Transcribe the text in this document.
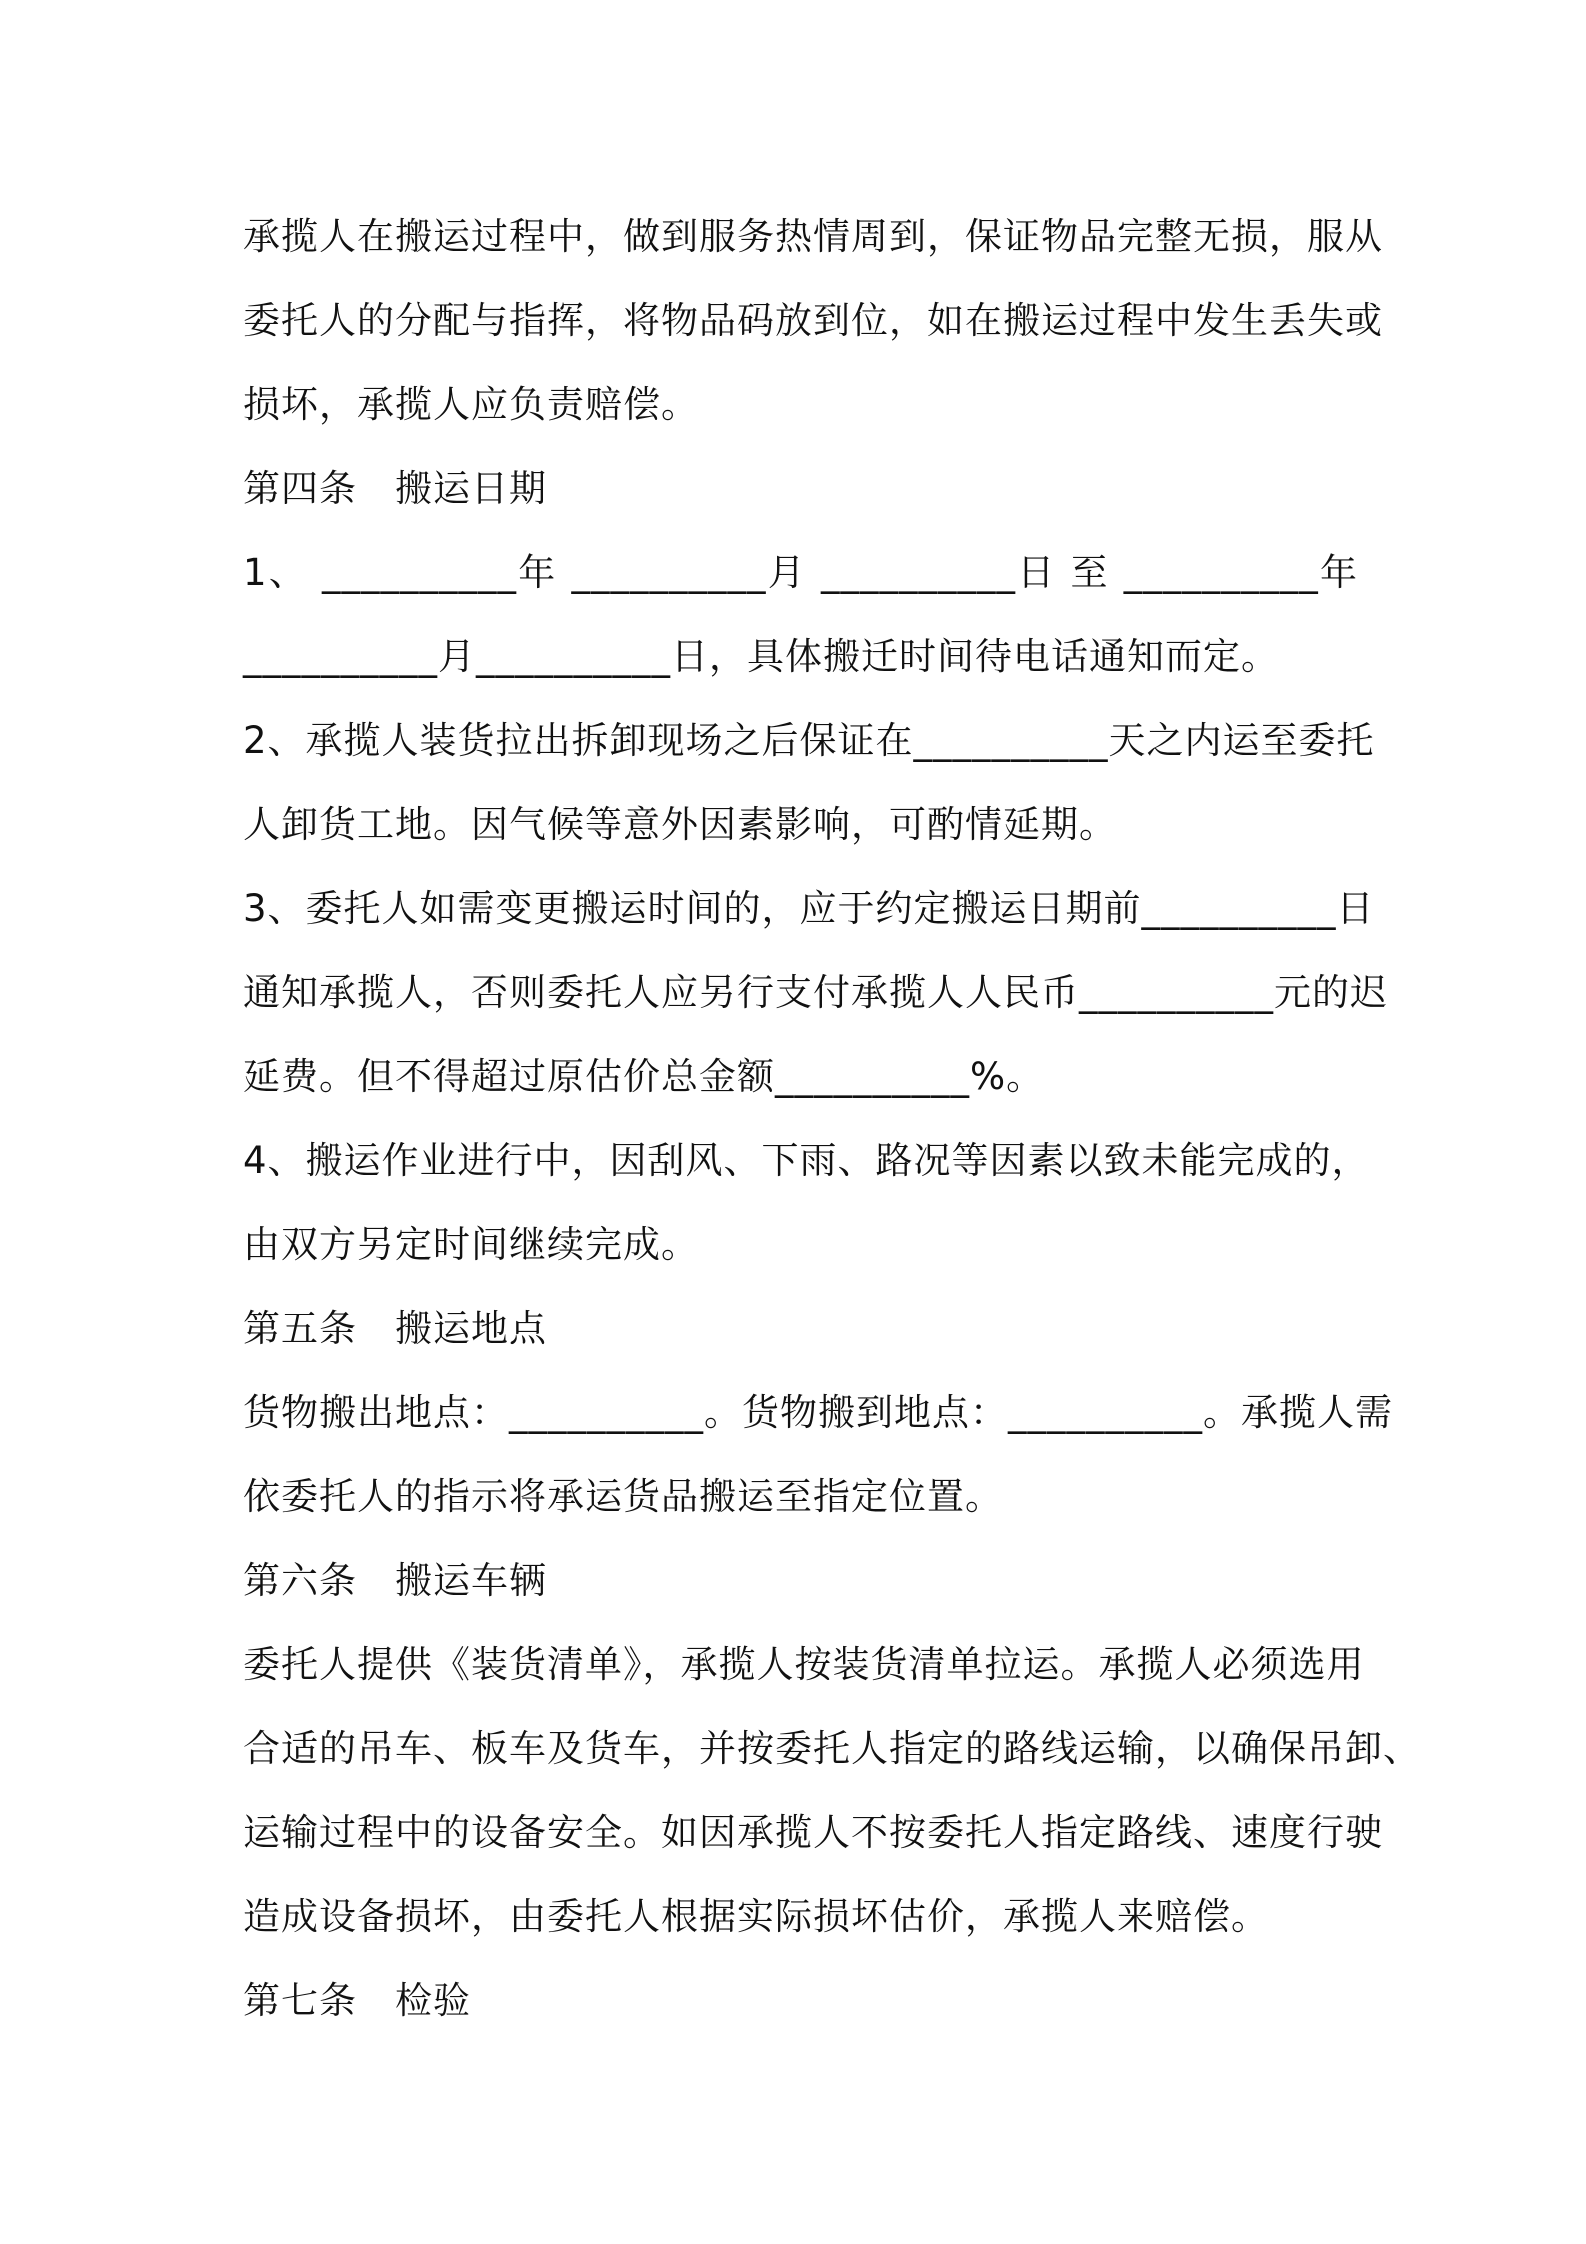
承揽人在搬运过程中，做到服务热情周到，保证物品完整无损，服从
委托人的分配与指挥，将物品码放到位，如在搬运过程中发生丢失或
损坏，承揽人应负责赔偿。
第四条　搬运日期
1、 __________年 __________月 __________日 至 __________年
__________月__________日，具体搬迁时间待电话通知而定。
2、承揽人装货拉出拆卸现场之后保证在__________天之内运至委托
人卸货工地。因气候等意外因素影响，可酌情延期。
3、委托人如需变更搬运时间的，应于约定搬运日期前__________日
通知承揽人，否则委托人应另行支付承揽人人民币__________元的迟
延费。但不得超过原估价总金额__________%。
4、搬运作业进行中，因刮风、下雨、路况等因素以致未能完成的，
由双方另定时间继续完成。
第五条　搬运地点
货物搬出地点：__________。货物搬到地点：__________。承揽人需
依委托人的指示将承运货品搬运至指定位置。
第六条　搬运车辆
委托人提供《装货清单》，承揽人按装货清单拉运。承揽人必须选用
合适的吊车、板车及货车，并按委托人指定的路线运输，以确保吊卸、
运输过程中的设备安全。如因承揽人不按委托人指定路线、速度行驶
造成设备损坏，由委托人根据实际损坏估价，承揽人来赔偿。
第七条　检验
